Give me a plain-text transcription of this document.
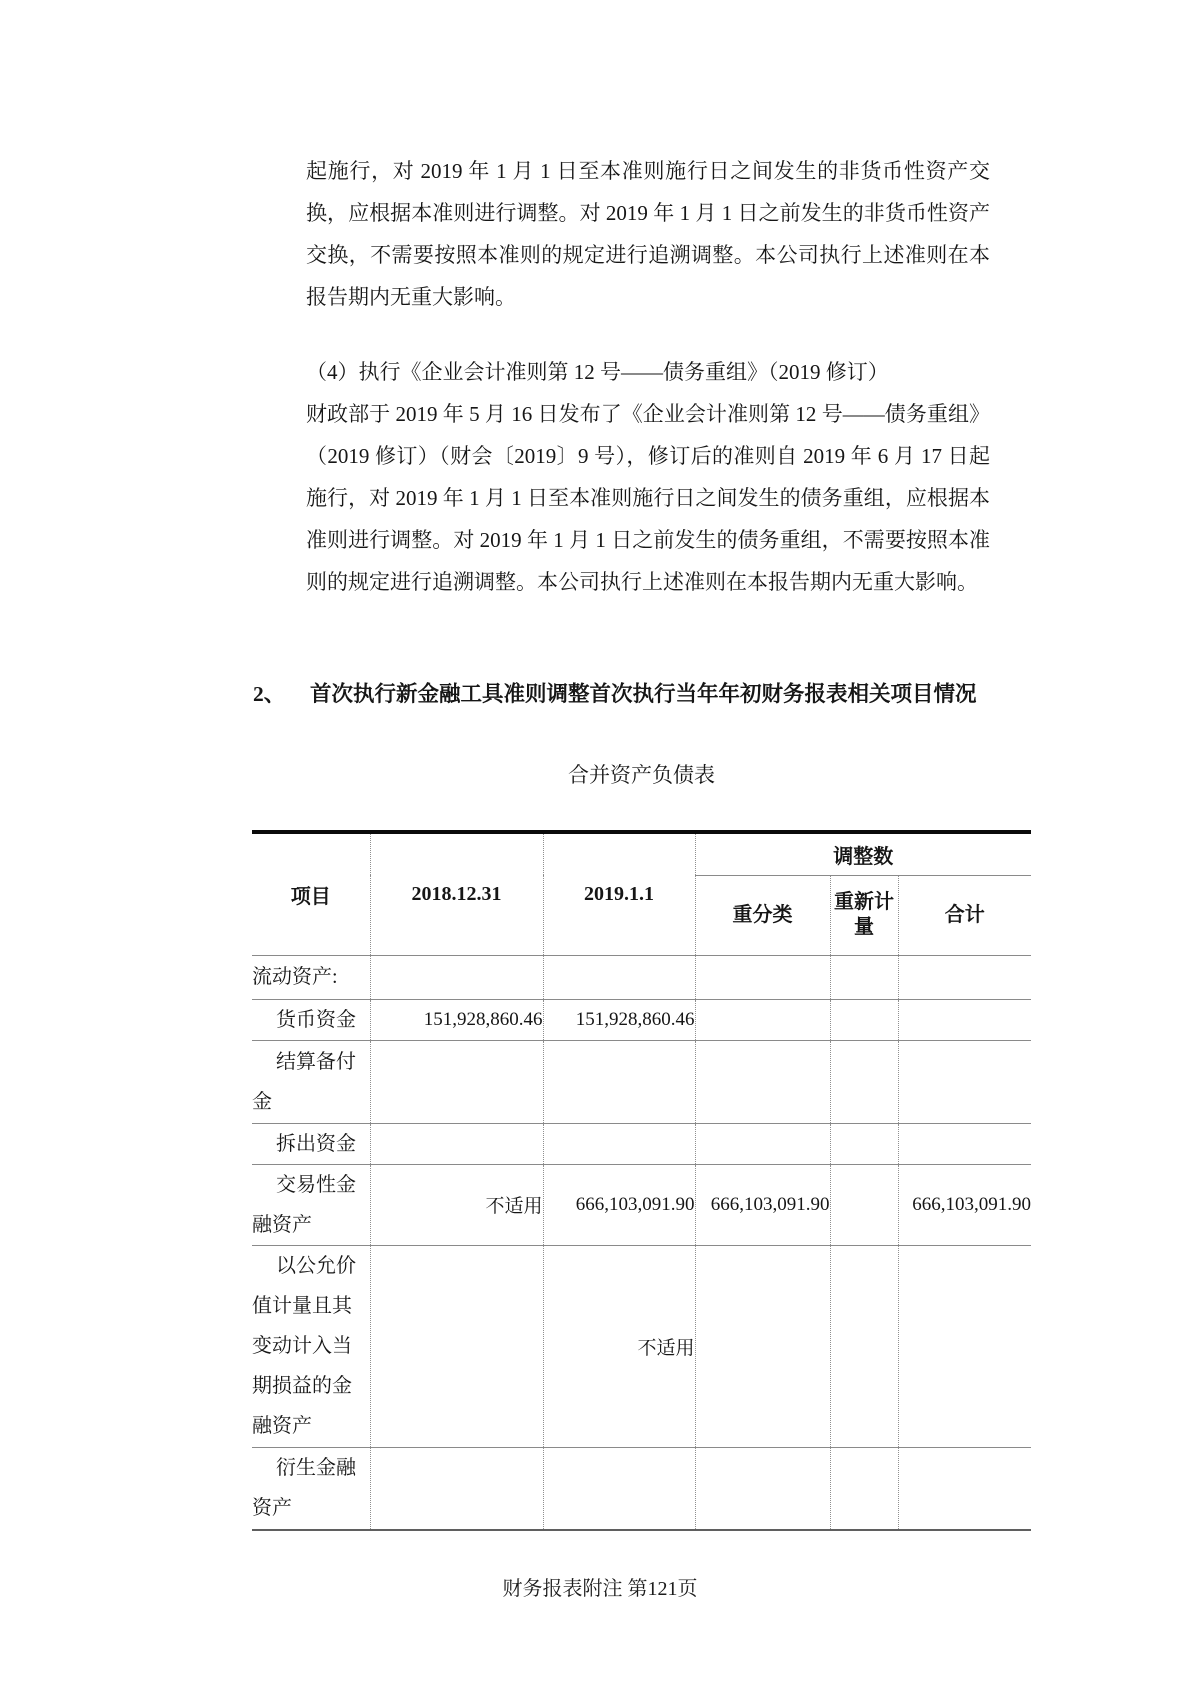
起施行，对 2019 年 1 月 1 日至本准则施行日之间发生的非货币性资产交换，应根据本准则进行调整。对 2019 年 1 月 1 日之前发生的非货币性资产交换，不需要按照本准则的规定进行追溯调整。本公司执行上述准则在本报告期内无重大影响。
（4）执行《企业会计准则第 12 号——债务重组》（2019 修订）
财政部于 2019 年 5 月 16 日发布了《企业会计准则第 12 号——债务重组》（2019 修订）（财会〔2019〕9 号），修订后的准则自 2019 年 6 月 17 日起施行，对 2019 年 1 月 1 日至本准则施行日之间发生的债务重组，应根据本准则进行调整。对 2019 年 1 月 1 日之前发生的债务重组，不需要按照本准则的规定进行追溯调整。本公司执行上述准则在本报告期内无重大影响。
2、	首次执行新金融工具准则调整首次执行当年年初财务报表相关项目情况
合并资产负债表
项目	2018.12.31	2019.1.1	调整数		
			重分类	重新计量	合计
流动资产:					
货币资金	151,928,860.46	151,928,860.46			
结算备付金					
拆出资金					
交易性金融资产	不适用	666,103,091.90	666,103,091.90		666,103,091.90
以公允价值计量且其变动计入当期损益的金融资产		不适用			
衍生金融资产					
财务报表附注 第121页
